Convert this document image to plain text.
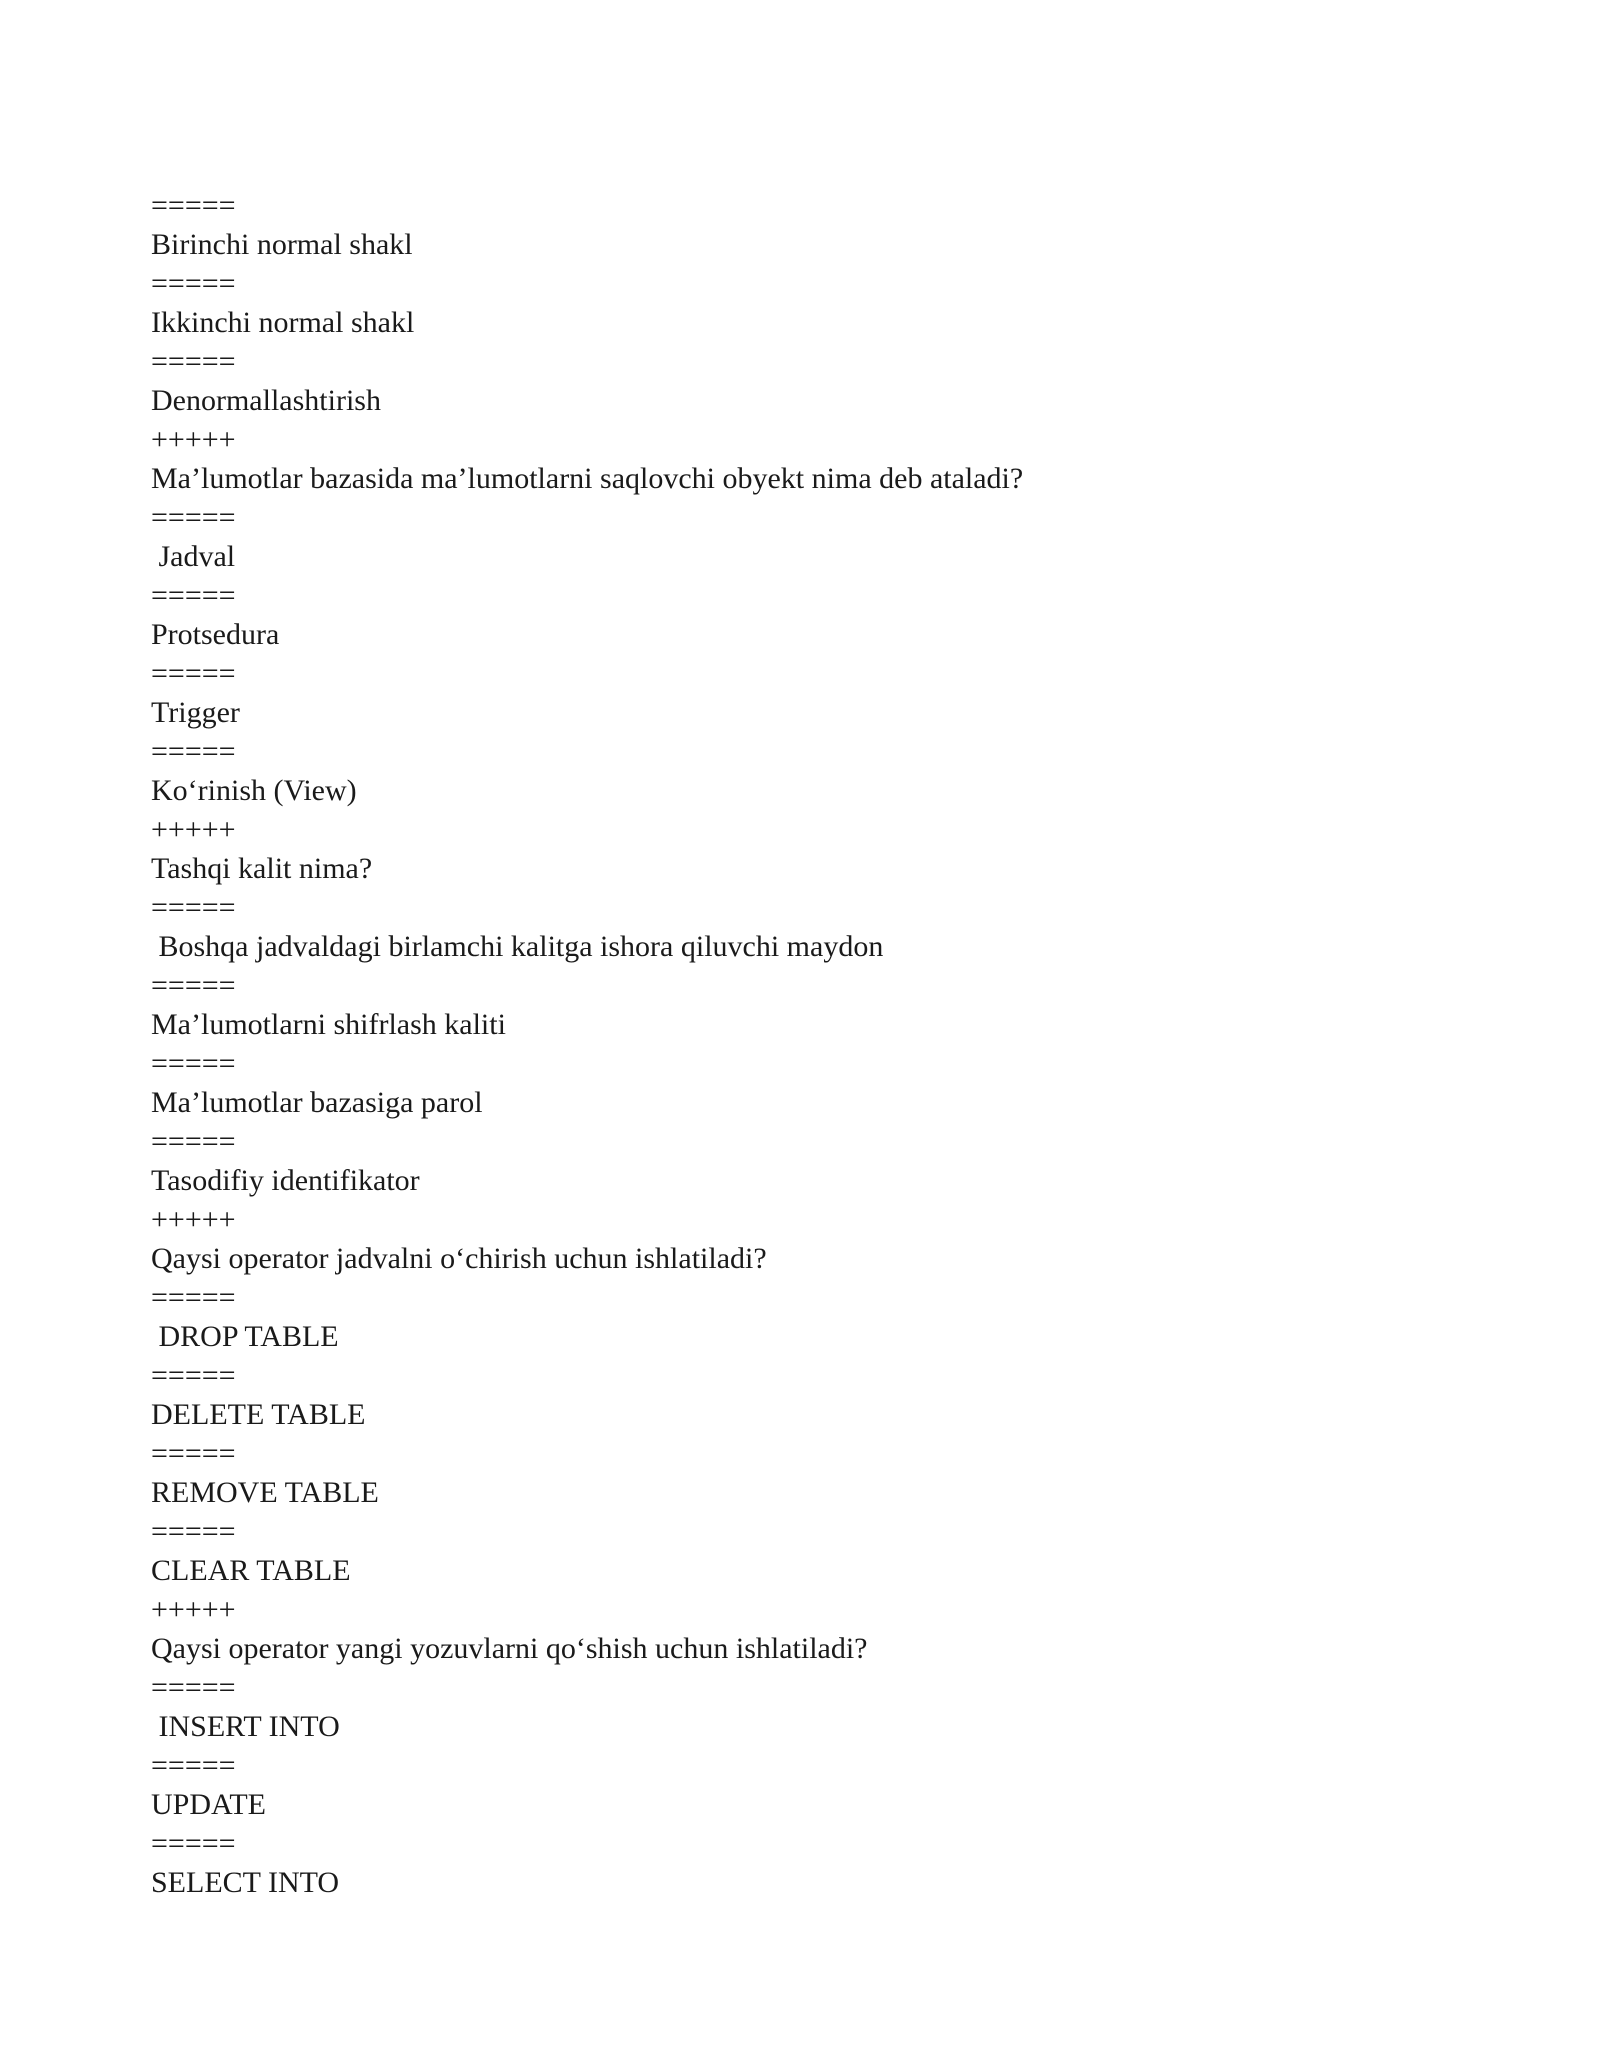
=====
Birinchi normal shakl
=====
Ikkinchi normal shakl
=====
Denormallashtirish
+++++
Ma’lumotlar bazasida ma’lumotlarni saqlovchi obyekt nima deb ataladi?
=====
Jadval
=====
Protsedura
=====
Trigger
=====
Ko‘rinish (View)
+++++
Tashqi kalit nima?
=====
Boshqa jadvaldagi birlamchi kalitga ishora qiluvchi maydon
=====
Ma’lumotlarni shifrlash kaliti
=====
Ma’lumotlar bazasiga parol
=====
Tasodifiy identifikator
+++++
Qaysi operator jadvalni o‘chirish uchun ishlatiladi?
=====
DROP TABLE
=====
DELETE TABLE
=====
REMOVE TABLE
=====
CLEAR TABLE
+++++
Qaysi operator yangi yozuvlarni qo‘shish uchun ishlatiladi?
=====
INSERT INTO
=====
UPDATE
=====
SELECT INTO
